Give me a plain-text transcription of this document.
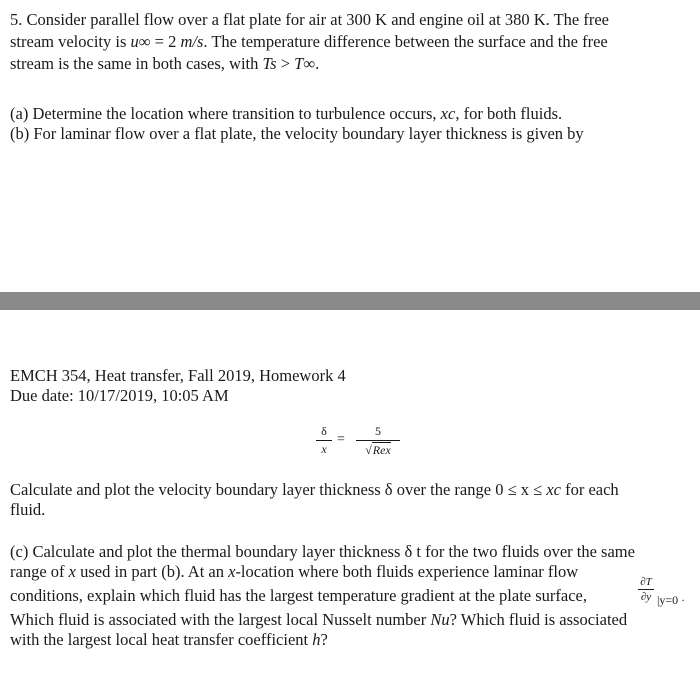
5. Consider parallel flow over a flat plate for air at 300 K and engine oil at 380 K. The free
stream velocity is u∞ = 2 m/s. The temperature difference between the surface and the free
stream is the same in both cases, with Ts > T∞.
(a) Determine the location where transition to turbulence occurs, xc, for both fluids.
(b) For laminar flow over a flat plate, the velocity boundary layer thickness is given by
EMCH 354, Heat transfer, Fall 2019, Homework 4
Due date: 10/17/2019, 10:05 AM
$\frac{\delta}{x}$ =
5
√Rex
Calculate and plot the velocity boundary layer thickness δ over the range 0 ≤ x ≤ xc for each
fluid.
(c) Calculate and plot the thermal boundary layer thickness δ t for the two fluids over the same
range of x used in part (b). At an x-location where both fluids experience laminar flow
conditions, explain which fluid has the largest temperature gradient at the plate surface,	$\frac{\partial T}{\partial y} |y=0$ ·
Which fluid is associated with the largest local Nusselt number Nu? Which fluid is associated
with the largest local heat transfer coefficient h?
